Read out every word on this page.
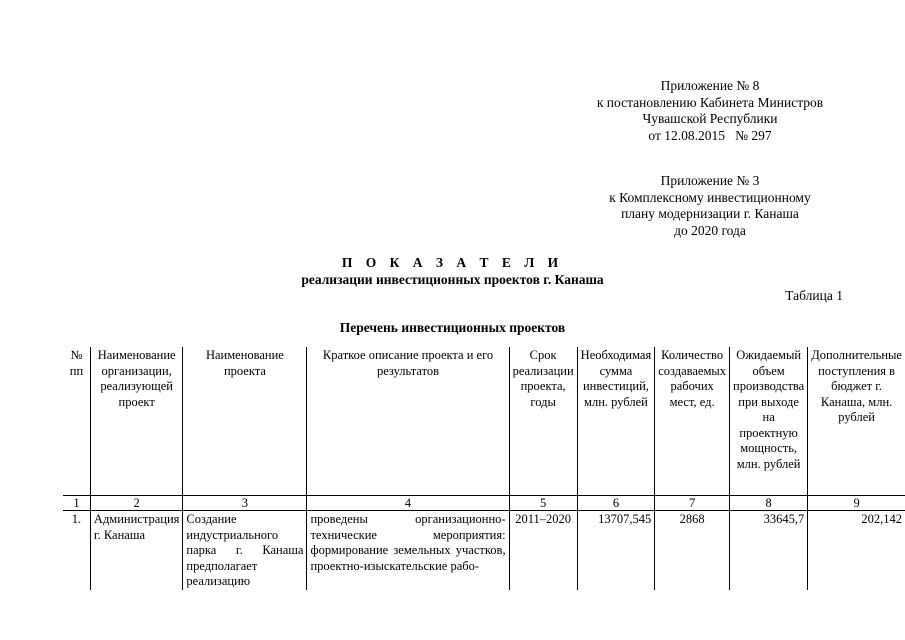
Приложение № 8
к постановлению Кабинета Министров
Чувашской Республики
от 12.08.2015   № 297
Приложение № 3
к Комплексному инвестиционному
плану модернизации г. Канаша
до 2020 года
П О К А З А Т Е Л И
реализации инвестиционных проектов г. Канаша
Таблица 1
Перечень инвестиционных проектов
№ пп	Наименование организации, реализующей проект	Наименование проекта	Краткое описание проекта и его результатов	Срок реализации проекта, годы	Необходимая сумма инвестиций, млн. рублей	Количество создаваемых рабочих мест, ед.	Ожидаемый объем производства при выходе на проектную мощность, млн. рублей	Дополнительные поступления в бюджет г. Канаша, млн. рублей
1	2	3	4	5	6	7	8	9
1.	Администрация г. Канаша	Создание индустриального парка г. Канаша предполагает реализацию	проведены организационно-технические мероприятия: формирование земельных участков, проектно-изыскательские рабо-	2011–2020	13707,545	2868	33645,7	202,142
